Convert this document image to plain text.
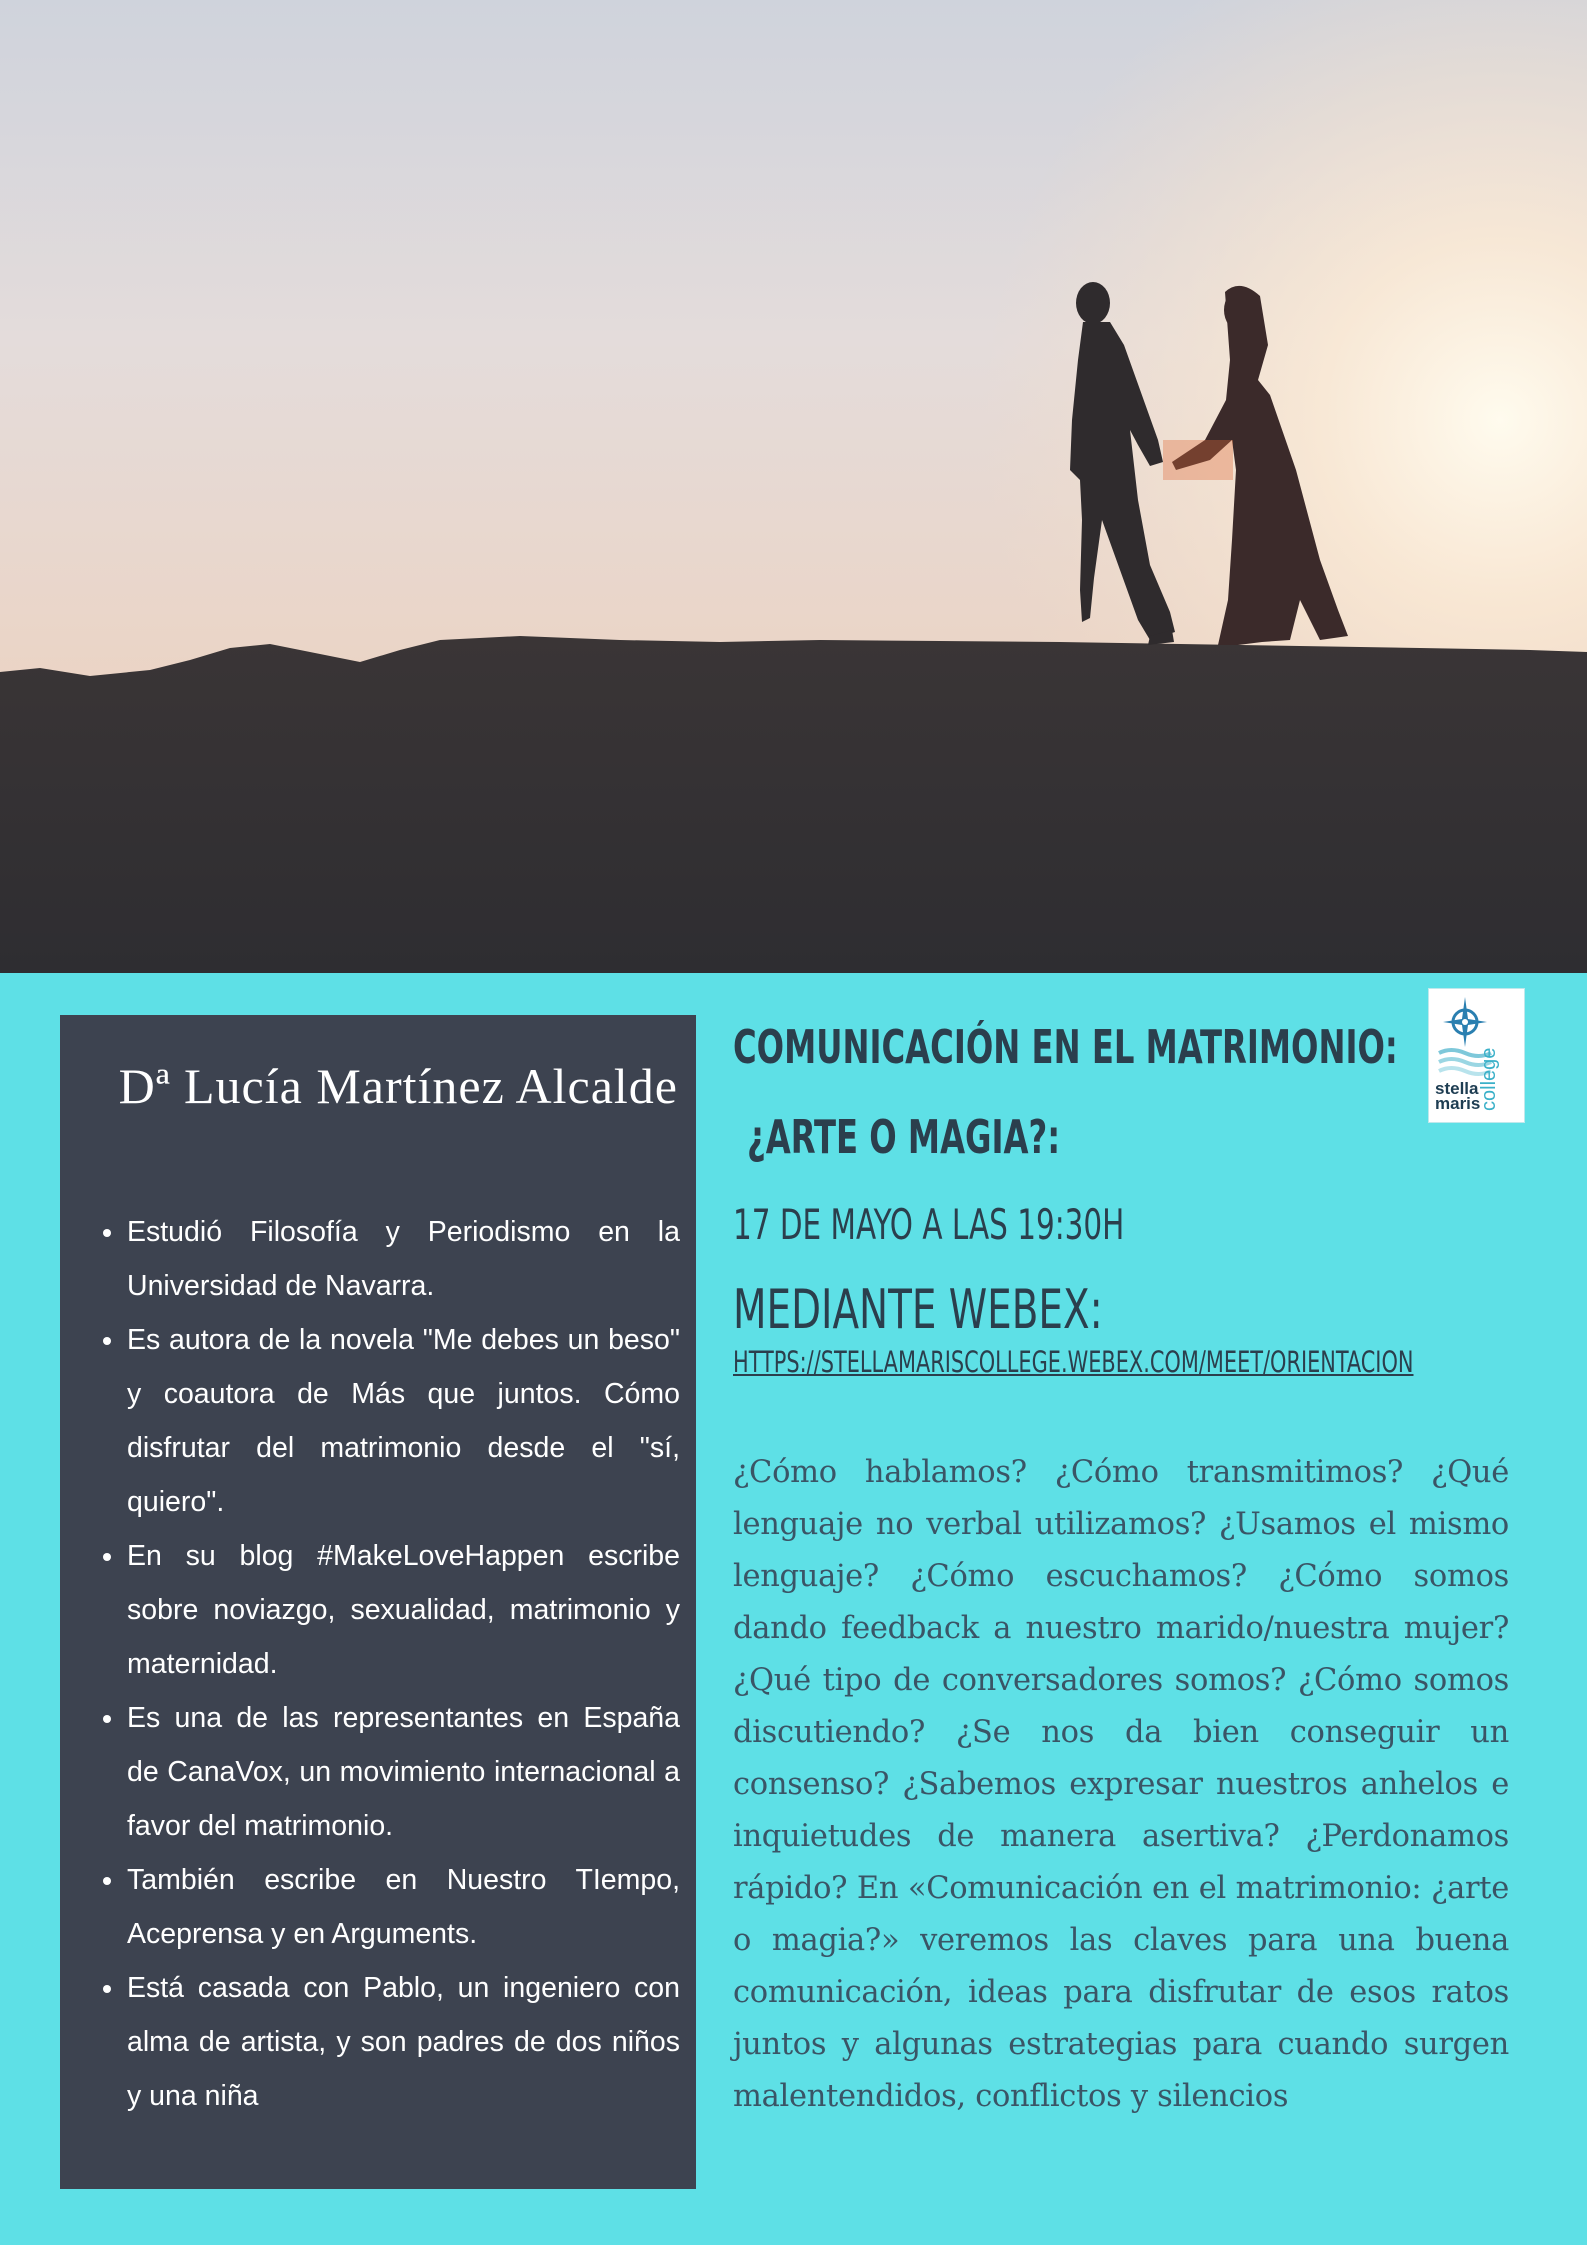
Dª Lucía Martínez Alcalde
Estudió Filosofía y Periodismo en la Universidad de Navarra.
Es autora de la novela "Me debes un beso" y coautora de Más que juntos. Cómo disfrutar del matrimonio desde el "sí, quiero".
En su blog #MakeLoveHappen escribe sobre noviazgo, sexualidad, matrimonio y maternidad.
Es una de las representantes en España de CanaVox, un movimiento internacional a favor del matrimonio.
También escribe en Nuestro TIempo, Aceprensa y en Arguments.
Está casada con Pablo, un ingeniero con alma de artista, y son padres de dos niños y una niña
COMUNICACIÓN EN EL MATRIMONIO:
¿ARTE O MAGIA?:
17 DE MAYO A LAS 19:30H
MEDIANTE WEBEX:
HTTPS://STELLAMARISCOLLEGE.WEBEX.COM/MEET/ORIENTACION

¿Cómo hablamos? ¿Cómo transmitimos? ¿Qué lenguaje no verbal utilizamos? ¿Usamos el mismo lenguaje? ¿Cómo escuchamos? ¿Cómo somos dando feedback a nuestro marido/nuestra mujer? ¿Qué tipo de conversadores somos? ¿Cómo somos discutiendo? ¿Se nos da bien conseguir un consenso? ¿Sabemos expresar nuestros anhelos e inquietudes de manera asertiva? ¿Perdonamos rápido? En «Comunicación en el matrimonio: ¿arte o magia?» veremos las claves para una buena comunicación, ideas para disfrutar de esos ratos juntos y algunas estrategias para cuando surgen malentendidos, conflictos y silencios

stella
maris
college
